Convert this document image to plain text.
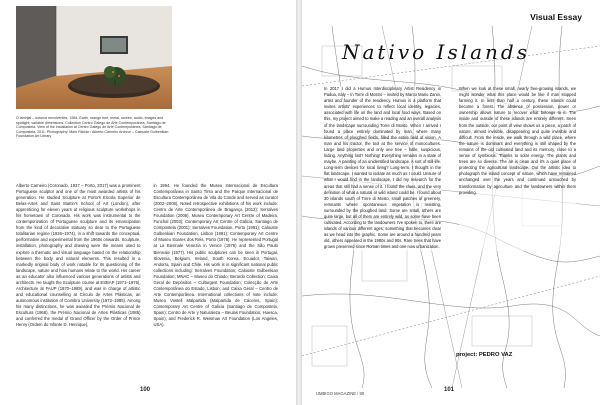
O lamrijal – notorus envolventes, 1984. Earth, orange tree, metal, screen, audio, images and spotlight; variable dimensions. Collection Centro Galego de Arte Contemporánea, Santiago de Compostela. View of the installation at Centro Galego de Arte Contemporánea, Santiago de Compostela, 2011. Photography: Mark Ritchie / Alberto Carneiro Archive – Calouste Gulbenkian Foundation Art Library
Alberto Carneiro (Coronado, 1937 – Porto, 2017) was a prominent Portuguese sculptor and one of the most awarded artists of his generation. He studied Sculpture at Porto's Escola Superior de Belas-Artes and Saint Martin's School of Art (London), after apprenticing for eleven years at religious sculpture workshops in his hometown of Coronado. His work was instrumental to the contemporization of Portuguese sculpture and its emancipation from the kind of decorative statuary so dear to the Portuguese totalitarian regime (1926–1974), in a shift towards the conceptual, performative and experimental from the 1960s onwards. Sculpture, installation, photography and drawing were the means used to explore a thematic and visual language based on the relationship between the body and natural elements. This resulted in a markedly original body of work notable for its questioning of the landscape, nature and how humans relate to the world. His career as an educator also influenced various generations of artists and architects. He taught the Sculpture course at ESBAP (1971–1976), Architecture at FAUP (1970–1989), and was in charge of artistic and educational counselling at Círculo de Artes Plásticas, an autonomous institution of Coimbra University (1972–1985). Among his many distinctions, he was awarded the Prémio Nacional de Escultura (1968), the Prémio Nacional de Artes Plásticas (1985) and conferred the medal of Grand Officer by the Order of Prince Henry (Ordem do Infante D. Henrique),
in 1994. He founded the Museu Internacional de Escultura Contemporânea in Santo Tirso and the Parque Internacional de Escultura Contemporânea de Vila do Conde and served as curator (2002–2008). Noted retrospective exhibitions of his work include: Centro de Arte Contemporânea de Bragança (2012); Serralves Foundation (2006), Museu Contemporary Art Centre of Madeira, Funchal (2003); Contemporary Art Centre of Galicia, Santiago de Compostela (2001); Serralves Foundation, Porto (1991); Calouste Gulbenkian Foundation, Lisbon (1991); Contemporary Art Centre of Museu Soares dos Reis, Porto (1976). He represented Portugal at La Biennale Venezia in Venice (1976) and the São Paulo Biennale (1977). His public sculptures can be seen in Portugal, Slovenia, Belgium, Ireland, South Korea, Ecuador, Taiwan, Andorra, Spain and Chile. His work is in significant national public collections including: Serralves Foundation; Calouste Gulbenkian Foundation; MNAC – Museu do Chiado; Berardo Collection; Caixa Geral de Depósitos – Culturgest Foundation; Colecção de Arte Contemporânea do Estado, Lisbon; and Caixa Geral – Centro de Arte Contemporânea. International collections of note include: Museo Vostell Malpartida (Malpartida de Cáceres, Spain); Contemporary Art Centre of Galicia (Santiago de Compostela, Spain); Centro de Arte y Naturaleza – Beulas Foundation, Huesca, Spain), and Frederick R. Weisman Art Foundation (Los Angeles, USA).
100
Visual Essay
Nativo Islands
In 2017 I did a Humus Interdisciplinary Artist Residency in Padua, Italy – in Torre di Mostro – invited by Marco Mario Zanin, artist and founder of the residency. Humus is a platform that invites artists' experiences to reflect local identity, legacies, associated with life on the land and local food ways. Based on this, my project aimed to make a reading and an overall analysis of the landscape surrounding Torre di Mosto. When I arrived I found a place entirely dominated by man, where many kilometres of ploughed fields, filled the entire field of vision. A man and his tractor, the tool at the service of monocultures. Large land properties and only one tree – futile, suspicious, hiding. Anything lost? Nothing! Everything remains in a state of maybe. A painting of an unidentified landscape. A sort of still-life. Long-term devices for local living? Long-term. I thought in the flat landscape. I wanted to isolate as much as I could. Unsure of what I would find in the landscape, I did my research for the areas that still had a sense of it. I found the clues, and the very definition of what a natural or wild island could be. I found about 30 islands south of Torre di Mosto, small patches of greenery, remnants where spontaneous vegetation is resisting, surrounded by the ploughed land. Some are small, others are quite large, but all of them are entirely wild, as some have been cultivated. According to the landowners I've spoken to, there are islands of various different ages; something that becomes clear as we head into the graphic. Some are around a hundred years old, others appeared in the 1980s and 90s. Rare trees that have grown preserved since Roman times and one now urbanization.
When we look at these small, nearly free-growing islands, we might wonder what this place would be like if man stopped farming it. In less than half a century, these islands could become a forest. The absence of possession, power or ownership allows nature to recover what belongs to it. The inside and outside of these islands are entirely different. Seen from the outside, our point of view shows us a piece, a patch of nature, almost invisible, disappearing and quite invisible and difficult. From the inside, we walk through a wild place, where the nature is dominant and everything is still shaped by the remains of the old cultivated land and its memory, close to a sense of symbiosis. Thanks to solar energy. The plants and trees are so diverse. The air is clean and it's a quiet place of protecting the agricultural landscape. Out the artistic idea to photograph the island concept of nature, which have remained unchanged over the years and continued untouched by transformation by agriculture and the landowners within them providing.
project: PEDRO VAZ
UMBIGO MAGAZINE / 80
101
